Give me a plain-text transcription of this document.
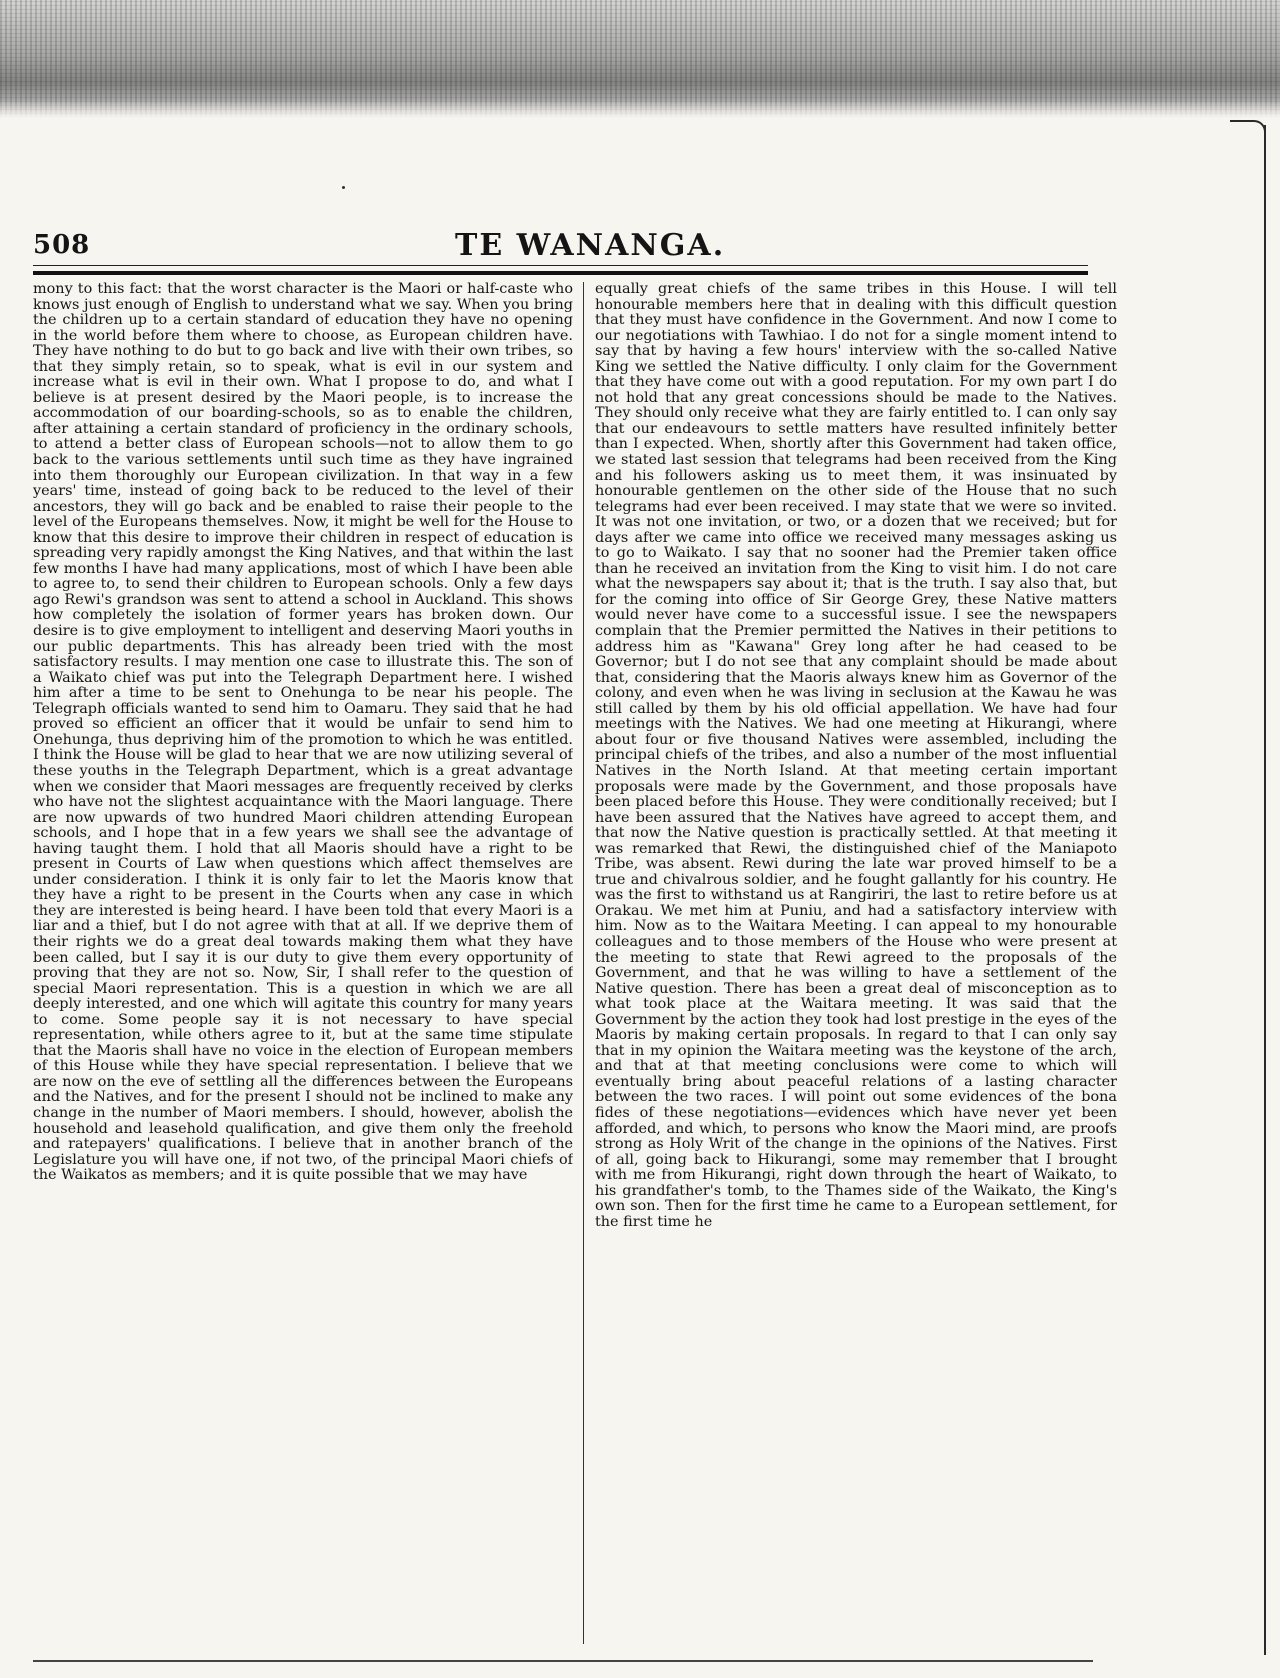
508	TE WANANGA.

mony to this fact: that the worst character is the Maori or half-caste who knows just enough of English to understand what we say. When you bring the children up to a certain standard of education they have no opening in the world before them where to choose, as European children have. They have nothing to do but to go back and live with their own tribes, so that they simply retain, so to speak, what is evil in our system and increase what is evil in their own. What I propose to do, and what I believe is at present desired by the Maori people, is to increase the accommodation of our boarding-schools, so as to enable the children, after attaining a certain standard of proficiency in the ordinary schools, to attend a better class of European schools—not to allow them to go back to the various settlements until such time as they have ingrained into them thoroughly our European civilization. In that way in a few years' time, instead of going back to be reduced to the level of their ancestors, they will go back and be enabled to raise their people to the level of the Europeans themselves. Now, it might be well for the House to know that this desire to improve their children in respect of education is spreading very rapidly amongst the King Natives, and that within the last few months I have had many applications, most of which I have been able to agree to, to send their children to European schools. Only a few days ago Rewi's grandson was sent to attend a school in Auckland. This shows how completely the isolation of former years has broken down. Our desire is to give employment to intelligent and deserving Maori youths in our public departments. This has already been tried with the most satisfactory results. I may mention one case to illustrate this. The son of a Waikato chief was put into the Telegraph Department here. I wished him after a time to be sent to Onehunga to be near his people. The Telegraph officials wanted to send him to Oamaru. They said that he had proved so efficient an officer that it would be unfair to send him to Onehunga, thus depriving him of the promotion to which he was entitled. I think the House will be glad to hear that we are now utilizing several of these youths in the Telegraph Department, which is a great advantage when we consider that Maori messages are frequently received by clerks who have not the slightest acquaintance with the Maori language. There are now upwards of two hundred Maori children attending European schools, and I hope that in a few years we shall see the advantage of having taught them. I hold that all Maoris should have a right to be present in Courts of Law when questions which affect themselves are under consideration. I think it is only fair to let the Maoris know that they have a right to be present in the Courts when any case in which they are interested is being heard. I have been told that every Maori is a liar and a thief, but I do not agree with that at all. If we deprive them of their rights we do a great deal towards making them what they have been called, but I say it is our duty to give them every opportunity of proving that they are not so. Now, Sir, I shall refer to the question of special Maori representation. This is a question in which we are all deeply interested, and one which will agitate this country for many years to come. Some people say it is not necessary to have special representation, while others agree to it, but at the same time stipulate that the Maoris shall have no voice in the election of European members of this House while they have special representation. I believe that we are now on the eve of settling all the differences between the Europeans and the Natives, and for the present I should not be inclined to make any change in the number of Maori members. I should, however, abolish the household and leasehold qualification, and give them only the freehold and ratepayers' qualifications. I believe that in another branch of the Legislature you will have one, if not two, of the principal Maori chiefs of the Waikatos as members; and it is quite possible that we may have

equally great chiefs of the same tribes in this House. I will tell honourable members here that in dealing with this difficult question that they must have confidence in the Government. And now I come to our negotiations with Tawhiao. I do not for a single moment intend to say that by having a few hours' interview with the so-called Native King we settled the Native difficulty. I only claim for the Government that they have come out with a good reputation. For my own part I do not hold that any great concessions should be made to the Natives. They should only receive what they are fairly entitled to. I can only say that our endeavours to settle matters have resulted infinitely better than I expected. When, shortly after this Government had taken office, we stated last session that telegrams had been received from the King and his followers asking us to meet them, it was insinuated by honourable gentlemen on the other side of the House that no such telegrams had ever been received. I may state that we were so invited. It was not one invitation, or two, or a dozen that we received; but for days after we came into office we received many messages asking us to go to Waikato. I say that no sooner had the Premier taken office than he received an invitation from the King to visit him. I do not care what the newspapers say about it; that is the truth. I say also that, but for the coming into office of Sir George Grey, these Native matters would never have come to a successful issue. I see the newspapers complain that the Premier permitted the Natives in their petitions to address him as "Kawana" Grey long after he had ceased to be Governor; but I do not see that any complaint should be made about that, considering that the Maoris always knew him as Governor of the colony, and even when he was living in seclusion at the Kawau he was still called by them by his old official appellation. We have had four meetings with the Natives. We had one meeting at Hikurangi, where about four or five thousand Natives were assembled, including the principal chiefs of the tribes, and also a number of the most influential Natives in the North Island. At that meeting certain important proposals were made by the Government, and those proposals have been placed before this House. They were conditionally received; but I have been assured that the Natives have agreed to accept them, and that now the Native question is practically settled. At that meeting it was remarked that Rewi, the distinguished chief of the Maniapoto Tribe, was absent. Rewi during the late war proved himself to be a true and chivalrous soldier, and he fought gallantly for his country. He was the first to withstand us at Rangiriri, the last to retire before us at Orakau. We met him at Puniu, and had a satisfactory interview with him. Now as to the Waitara Meeting. I can appeal to my honourable colleagues and to those members of the House who were present at the meeting to state that Rewi agreed to the proposals of the Government, and that he was willing to have a settlement of the Native question. There has been a great deal of misconception as to what took place at the Waitara meeting. It was said that the Government by the action they took had lost prestige in the eyes of the Maoris by making certain proposals. In regard to that I can only say that in my opinion the Waitara meeting was the keystone of the arch, and that at that meeting conclusions were come to which will eventually bring about peaceful relations of a lasting character between the two races. I will point out some evidences of the bona fides of these negotiations—evidences which have never yet been afforded, and which, to persons who know the Maori mind, are proofs strong as Holy Writ of the change in the opinions of the Natives. First of all, going back to Hikurangi, some may remember that I brought with me from Hikurangi, right down through the heart of Waikato, to his grandfather's tomb, to the Thames side of the Waikato, the King's own son. Then for the first time he came to a European settlement, for the first time he
